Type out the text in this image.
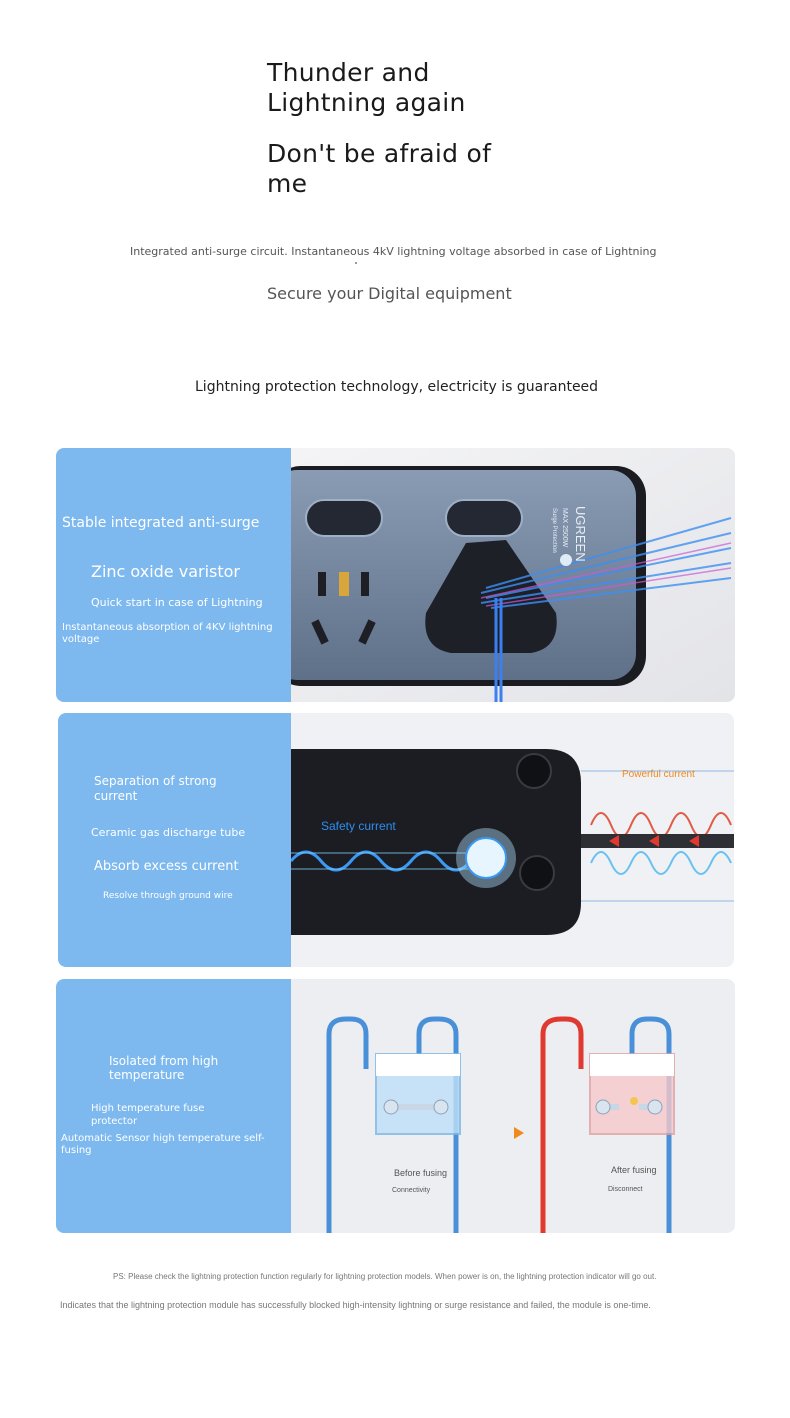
Thunder and Lightning again
Don't be afraid of me
Integrated anti-surge circuit. Instantaneous 4kV lightning voltage absorbed in case of Lightning
Secure your Digital equipment
Lightning protection technology, electricity is guaranteed
Stable integrated anti-surge
Zinc oxide varistor
Quick start in case of Lightning
Instantaneous absorption of 4KV lightning voltage
UGREEN
MAX 2500W
Surge Protection
Separation of strong current
Ceramic gas discharge tube
Absorb excess current
Resolve through ground wire
Safety current
Powerful current
Isolated from high temperature
High temperature fuse protector
Automatic Sensor high temperature self-fusing
Before fusing
Connectivity
After fusing
Disconnect
PS: Please check the lightning protection function regularly for lightning protection models. When power is on, the lightning protection indicator will go out.
Indicates that the lightning protection module has successfully blocked high-intensity lightning or surge resistance and failed, the module is one-time.
